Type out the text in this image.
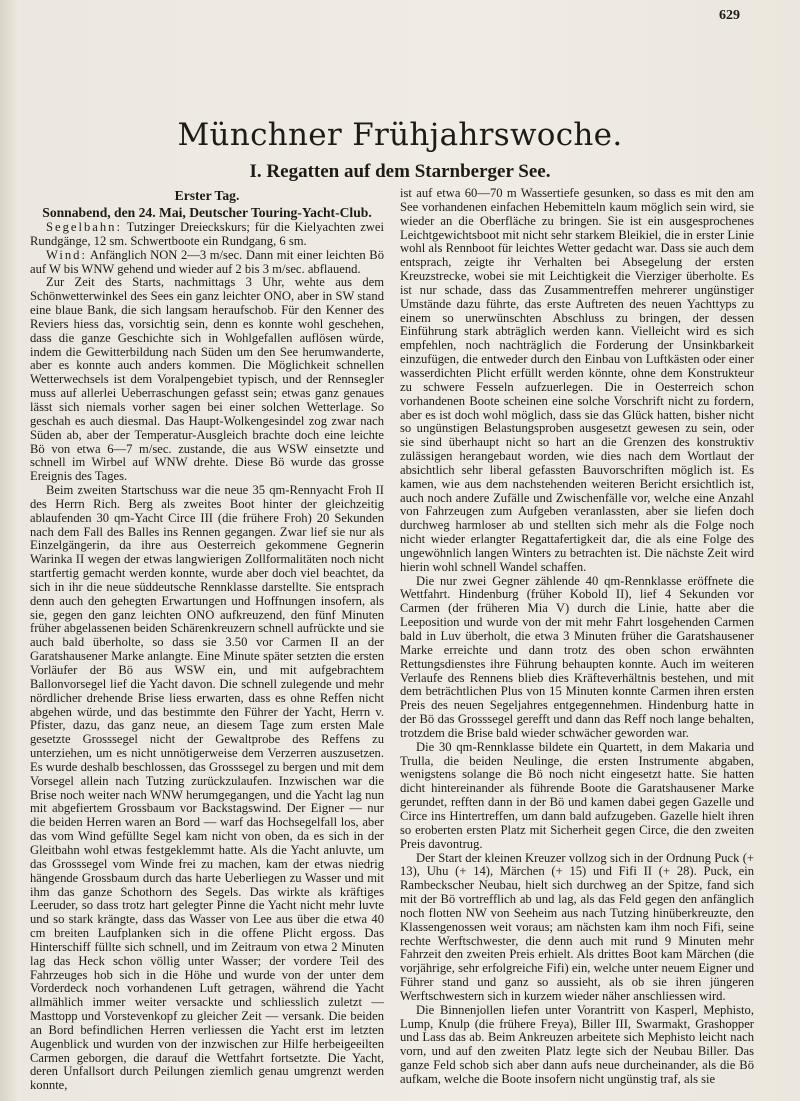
629
Münchner Frühjahrswoche.
I. Regatten auf dem Starnberger See.
Erster Tag.
Sonnabend, den 24. Mai, Deutscher Touring-Yacht-Club.

Segelbahn: Tutzinger Dreieckskurs; für die Kielyachten zwei Rundgänge, 12 sm. Schwertboote ein Rundgang, 6 sm.

Wind: Anfänglich NON 2—3 m/sec. Dann mit einer leichten Bö auf W bis WNW gehend und wieder auf 2 bis 3 m/sec. abflauend.

Zur Zeit des Starts, nachmittags 3 Uhr, wehte aus dem Schönwetterwinkel des Sees ein ganz leichter ONO, aber in SW stand eine blaue Bank, die sich langsam heraufschob. Für den Kenner des Reviers hiess das, vorsichtig sein, denn es konnte wohl geschehen, dass die ganze Geschichte sich in Wohlgefallen auflösen würde, indem die Gewitterbildung nach Süden um den See herumwanderte, aber es konnte auch anders kommen. Die Möglichkeit schnellen Wetterwechsels ist dem Voralpengebiet typisch, und der Rennsegler muss auf allerlei Ueberraschungen gefasst sein; etwas ganz genaues lässt sich niemals vorher sagen bei einer solchen Wetterlage. So geschah es auch diesmal. Das Haupt-Wolkengesindel zog zwar nach Süden ab, aber der Temperatur-Ausgleich brachte doch eine leichte Bö von etwa 6—7 m/sec. zustande, die aus WSW einsetzte und schnell im Wirbel auf WNW drehte. Diese Bö wurde das grosse Ereignis des Tages.

Beim zweiten Startschuss war die neue 35 qm-Rennyacht Froh II des Herrn Rich. Berg als zweites Boot hinter der gleichzeitig ablaufenden 30 qm-Yacht Circe III (die frühere Froh) 20 Sekunden nach dem Fall des Balles ins Rennen gegangen. Zwar lief sie nur als Einzelgängerin, da ihre aus Oesterreich gekommene Gegnerin Warinka II wegen der etwas langwierigen Zollformalitäten noch nicht startfertig gemacht werden konnte, wurde aber doch viel beachtet, da sich in ihr die neue süddeutsche Rennklasse darstellte. Sie entsprach denn auch den gehegten Erwartungen und Hoffnungen insofern, als sie, gegen den ganz leichten ONO aufkreuzend, den fünf Minuten früher abgelassenen beiden Schärenkreuzern schnell aufrückte und sie auch bald überholte, so dass sie 3.50 vor Carmen II an der Garatshausener Marke anlangte. Eine Minute später setzten die ersten Vorläufer der Bö aus WSW ein, und mit aufgebrachtem Ballonvorsegel lief die Yacht davon. Die schnell zulegende und mehr nördlicher drehende Brise liess erwarten, dass es ohne Reffen nicht abgehen würde, und das bestimmte den Führer der Yacht, Herrn v. Pfister, dazu, das ganz neue, an diesem Tage zum ersten Male gesetzte Grosssegel nicht der Gewaltprobe des Reffens zu unterziehen, um es nicht unnötigerweise dem Verzerren auszusetzen. Es wurde deshalb beschlossen, das Grosssegel zu bergen und mit dem Vorsegel allein nach Tutzing zurückzulaufen. Inzwischen war die Brise noch weiter nach WNW herumgegangen, und die Yacht lag nun mit abgefiertem Grossbaum vor Backstagswind. Der Eigner — nur die beiden Herren waren an Bord — warf das Hochsegelfall los, aber das vom Wind gefüllte Segel kam nicht von oben, da es sich in der Gleitbahn wohl etwas festgeklemmt hatte. Als die Yacht anluvte, um das Grosssegel vom Winde frei zu machen, kam der etwas niedrig hängende Grossbaum durch das harte Ueberliegen zu Wasser und mit ihm das ganze Schothorn des Segels. Das wirkte als kräftiges Leeruder, so dass trotz hart gelegter Pinne die Yacht nicht mehr luvte und so stark krängte, dass das Wasser von Lee aus über die etwa 40 cm breiten Laufplanken sich in die offene Plicht ergoss. Das Hinterschiff füllte sich schnell, und im Zeitraum von etwa 2 Minuten lag das Heck schon völlig unter Wasser; der vordere Teil des Fahrzeuges hob sich in die Höhe und wurde von der unter dem Vorderdeck noch vorhandenen Luft getragen, während die Yacht allmählich immer weiter versackte und schliesslich zuletzt — Masttopp und Vorstevenkopf zu gleicher Zeit — versank. Die beiden an Bord befindlichen Herren verliessen die Yacht erst im letzten Augenblick und wurden von der inzwischen zur Hilfe herbeigeeilten Carmen geborgen, die darauf die Wettfahrt fortsetzte. Die Yacht, deren Unfallsort durch Peilungen ziemlich genau umgrenzt werden konnte,

ist auf etwa 60—70 m Wassertiefe gesunken, so dass es mit den am See vorhandenen einfachen Hebemitteln kaum möglich sein wird, sie wieder an die Oberfläche zu bringen. Sie ist ein ausgesprochenes Leichtgewichtsboot mit nicht sehr starkem Bleikiel, die in erster Linie wohl als Rennboot für leichtes Wetter gedacht war. Dass sie auch dem entsprach, zeigte ihr Verhalten bei Absegelung der ersten Kreuzstrecke, wobei sie mit Leichtigkeit die Vierziger überholte. Es ist nur schade, dass das Zusammentreffen mehrerer ungünstiger Umstände dazu führte, das erste Auftreten des neuen Yachttyps zu einem so unerwünschten Abschluss zu bringen, der dessen Einführung stark abträglich werden kann. Vielleicht wird es sich empfehlen, noch nachträglich die Forderung der Unsinkbarkeit einzufügen, die entweder durch den Einbau von Luftkästen oder einer wasserdichten Plicht erfüllt werden könnte, ohne dem Konstrukteur zu schwere Fesseln aufzuerlegen. Die in Oesterreich schon vorhandenen Boote scheinen eine solche Vorschrift nicht zu fordern, aber es ist doch wohl möglich, dass sie das Glück hatten, bisher nicht so ungünstigen Belastungsproben ausgesetzt gewesen zu sein, oder sie sind überhaupt nicht so hart an die Grenzen des konstruktiv zulässigen herangebaut worden, wie dies nach dem Wortlaut der absichtlich sehr liberal gefassten Bauvorschriften möglich ist. Es kamen, wie aus dem nachstehenden weiteren Bericht ersichtlich ist, auch noch andere Zufälle und Zwischenfälle vor, welche eine Anzahl von Fahrzeugen zum Aufgeben veranlassten, aber sie liefen doch durchweg harmloser ab und stellten sich mehr als die Folge noch nicht wieder erlangter Regattafertigkeit dar, die als eine Folge des ungewöhnlich langen Winters zu betrachten ist. Die nächste Zeit wird hierin wohl schnell Wandel schaffen.

Die nur zwei Gegner zählende 40 qm-Rennklasse eröffnete die Wettfahrt. Hindenburg (früher Kobold II), lief 4 Sekunden vor Carmen (der früheren Mia V) durch die Linie, hatte aber die Leeposition und wurde von der mit mehr Fahrt losgehenden Carmen bald in Luv überholt, die etwa 3 Minuten früher die Garatshausener Marke erreichte und dann trotz des oben schon erwähnten Rettungsdienstes ihre Führung behaupten konnte. Auch im weiteren Verlaufe des Rennens blieb dies Kräfteverhältnis bestehen, und mit dem beträchtlichen Plus von 15 Minuten konnte Carmen ihren ersten Preis des neuen Segeljahres entgegennehmen. Hindenburg hatte in der Bö das Grosssegel gerefft und dann das Reff noch lange behalten, trotzdem die Brise bald wieder schwächer geworden war.

Die 30 qm-Rennklasse bildete ein Quartett, in dem Makaria und Trulla, die beiden Neulinge, die ersten Instrumente abgaben, wenigstens solange die Bö noch nicht eingesetzt hatte. Sie hatten dicht hintereinander als führende Boote die Garatshausener Marke gerundet, refften dann in der Bö und kamen dabei gegen Gazelle und Circe ins Hintertreffen, um dann bald aufzugeben. Gazelle hielt ihren so eroberten ersten Platz mit Sicherheit gegen Circe, die den zweiten Preis davontrug.

Der Start der kleinen Kreuzer vollzog sich in der Ordnung Puck (+ 13), Uhu (+ 14), Märchen (+ 15) und Fifi II (+ 28). Puck, ein Rambeckscher Neubau, hielt sich durchweg an der Spitze, fand sich mit der Bö vortrefflich ab und lag, als das Feld gegen den anfänglich noch flotten NW von Seeheim aus nach Tutzing hinüberkreuzte, den Klassengenossen weit voraus; am nächsten kam ihm noch Fifi, seine rechte Werftschwester, die denn auch mit rund 9 Minuten mehr Fahrzeit den zweiten Preis erhielt. Als drittes Boot kam Märchen (die vorjährige, sehr erfolgreiche Fifi) ein, welche unter neuem Eigner und Führer stand und ganz so aussieht, als ob sie ihren jüngeren Werftschwestern sich in kurzem wieder näher anschliessen wird.

Die Binnenjollen liefen unter Vorantritt von Kasperl, Mephisto, Lump, Knulp (die frühere Freya), Biller III, Swarmakt, Grashopper und Lass das ab. Beim Ankreuzen arbeitete sich Mephisto leicht nach vorn, und auf den zweiten Platz legte sich der Neubau Biller. Das ganze Feld schob sich aber dann aufs neue durcheinander, als die Bö aufkam, welche die Boote insofern nicht ungünstig traf, als sie
